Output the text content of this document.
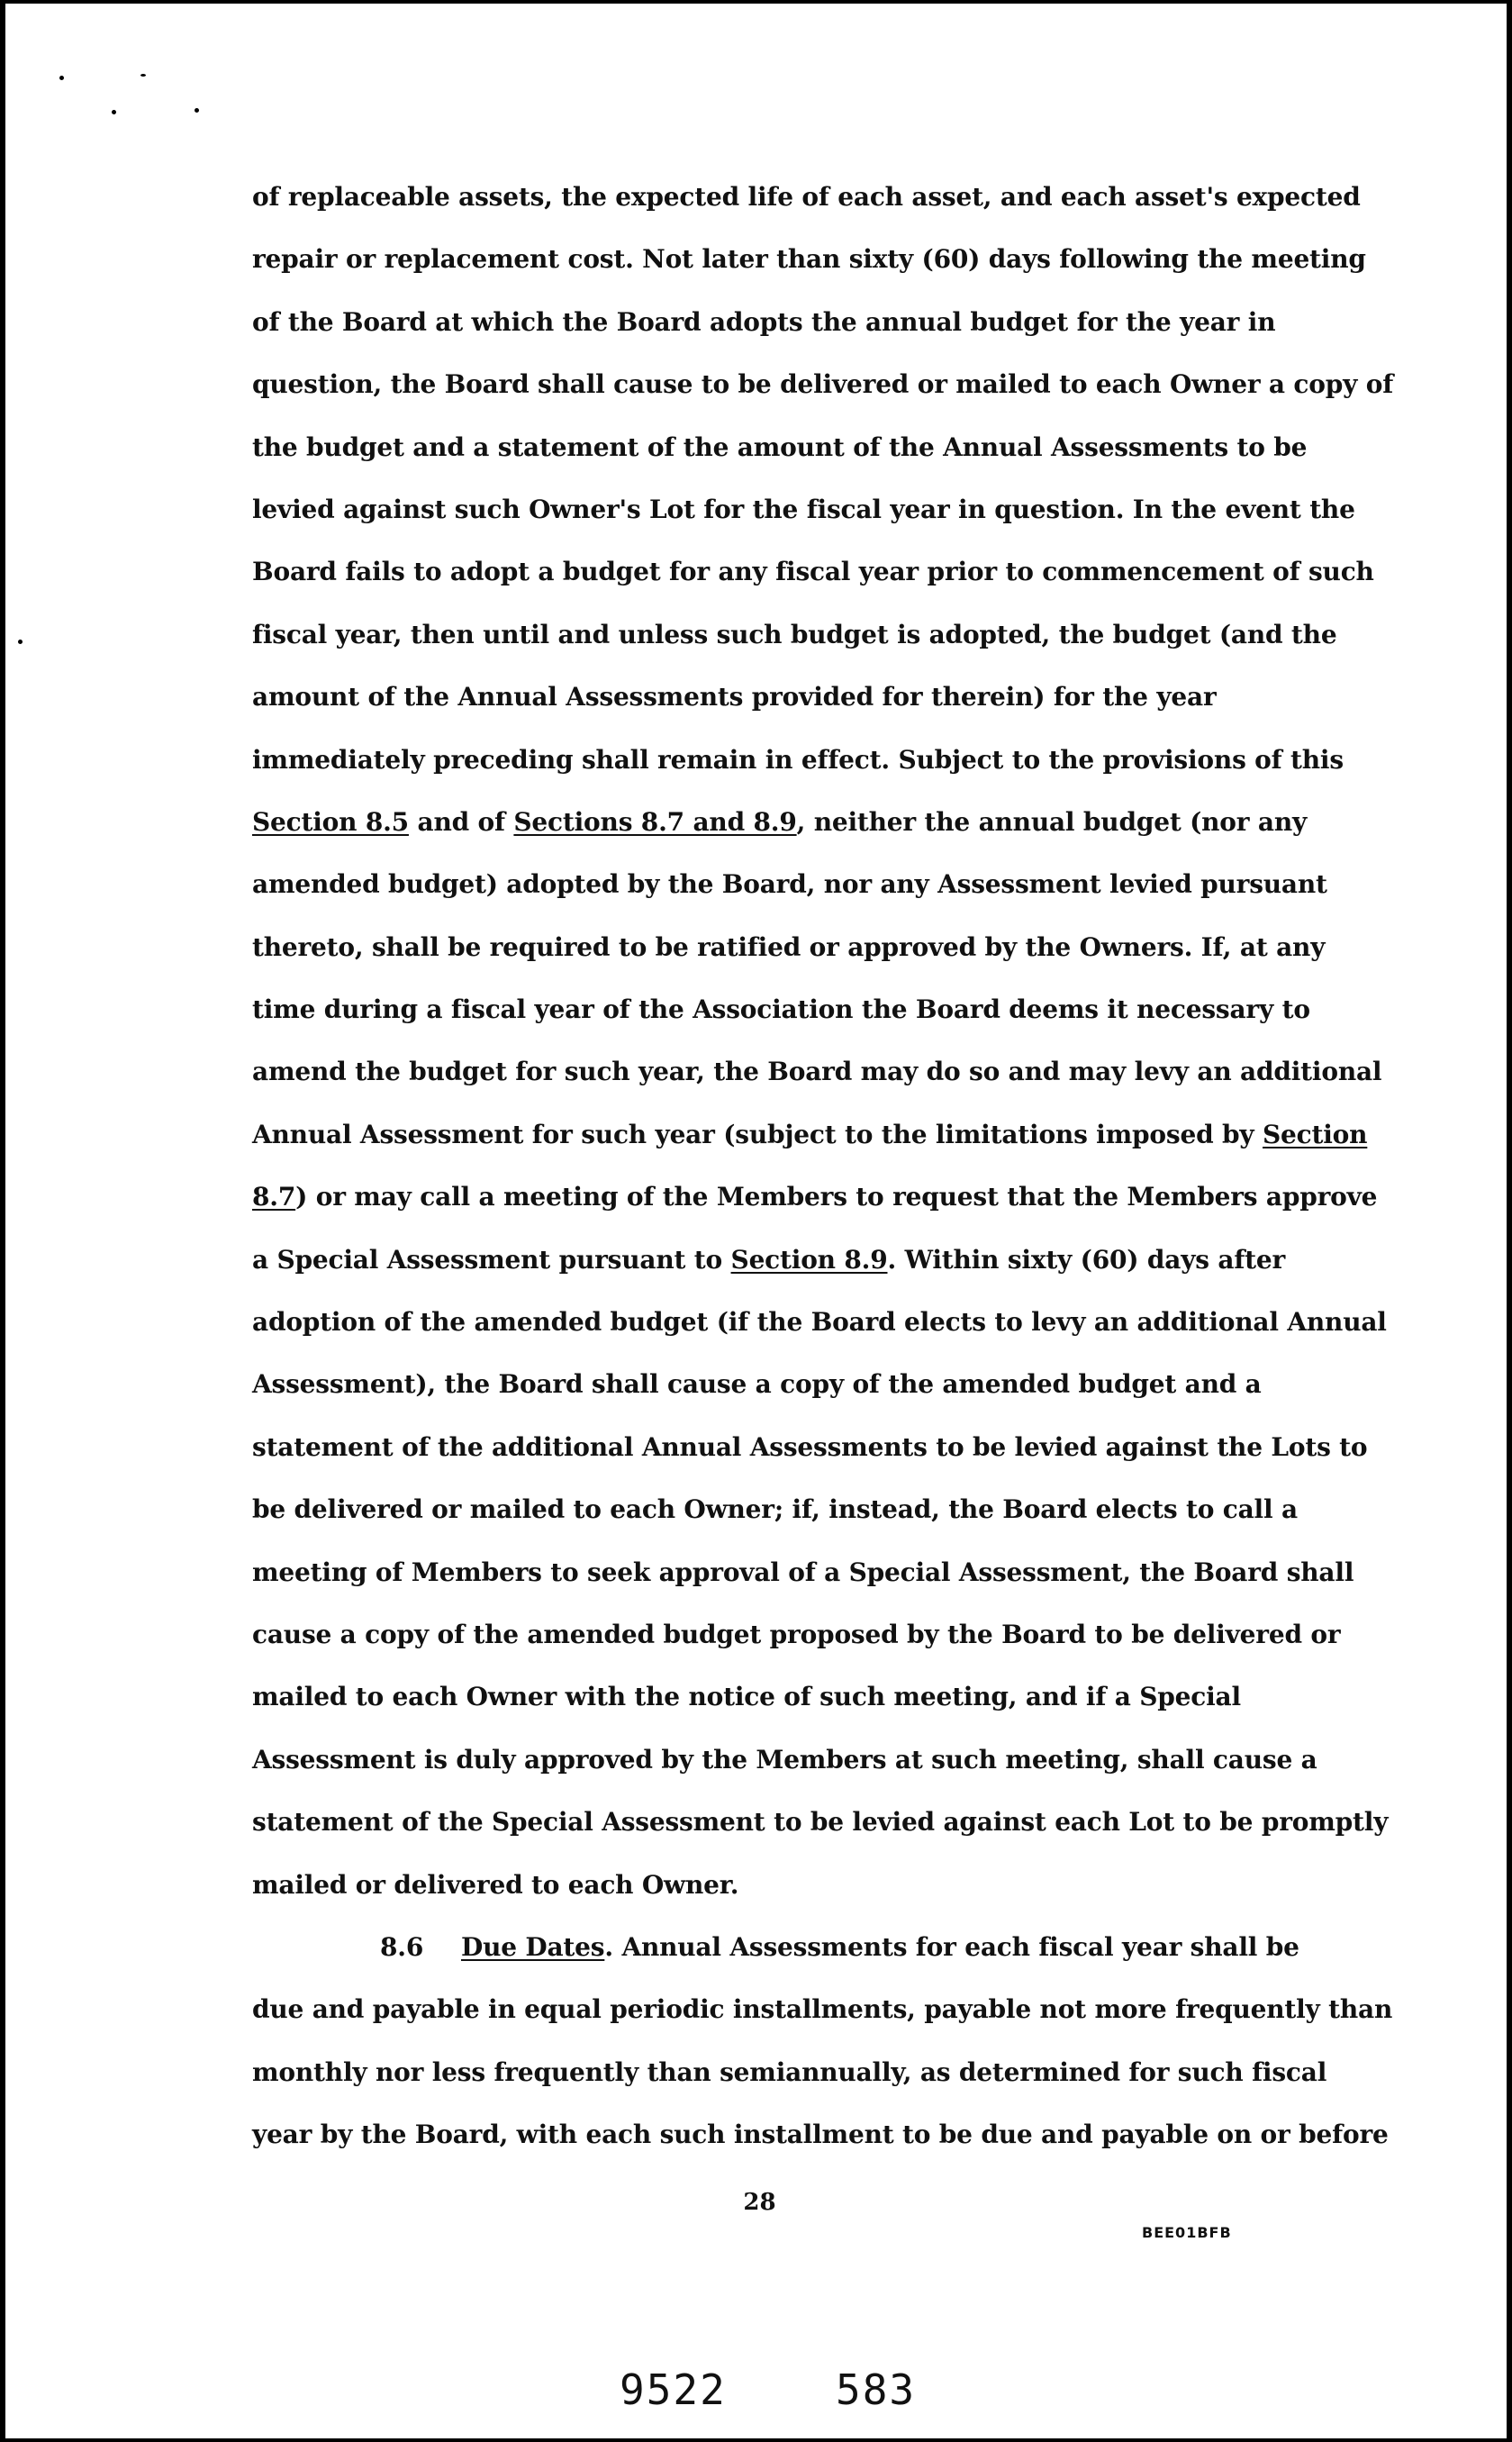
of replaceable assets, the expected life of each asset, and each asset's expected
repair or replacement cost. Not later than sixty (60) days following the meeting
of the Board at which the Board adopts the annual budget for the year in
question, the Board shall cause to be delivered or mailed to each Owner a copy of
the budget and a statement of the amount of the Annual Assessments to be
levied against such Owner's Lot for the fiscal year in question. In the event the
Board fails to adopt a budget for any fiscal year prior to commencement of such
fiscal year, then until and unless such budget is adopted, the budget (and the
amount of the Annual Assessments provided for therein) for the year
immediately preceding shall remain in effect. Subject to the provisions of this
Section 8.5 and of Sections 8.7 and 8.9, neither the annual budget (nor any
amended budget) adopted by the Board, nor any Assessment levied pursuant
thereto, shall be required to be ratified or approved by the Owners. If, at any
time during a fiscal year of the Association the Board deems it necessary to
amend the budget for such year, the Board may do so and may levy an additional
Annual Assessment for such year (subject to the limitations imposed by Section
8.7) or may call a meeting of the Members to request that the Members approve
a Special Assessment pursuant to Section 8.9. Within sixty (60) days after
adoption of the amended budget (if the Board elects to levy an additional Annual
Assessment), the Board shall cause a copy of the amended budget and a
statement of the additional Annual Assessments to be levied against the Lots to
be delivered or mailed to each Owner; if, instead, the Board elects to call a
meeting of Members to seek approval of a Special Assessment, the Board shall
cause a copy of the amended budget proposed by the Board to be delivered or
mailed to each Owner with the notice of such meeting, and if a Special
Assessment is duly approved by the Members at such meeting, shall cause a
statement of the Special Assessment to be levied against each Lot to be promptly
mailed or delivered to each Owner.
8.6 Due Dates. Annual Assessments for each fiscal year shall be
due and payable in equal periodic installments, payable not more frequently than
monthly nor less frequently than semiannually, as determined for such fiscal
year by the Board, with each such installment to be due and payable on or before
28
BEE01BFB
9522	583
